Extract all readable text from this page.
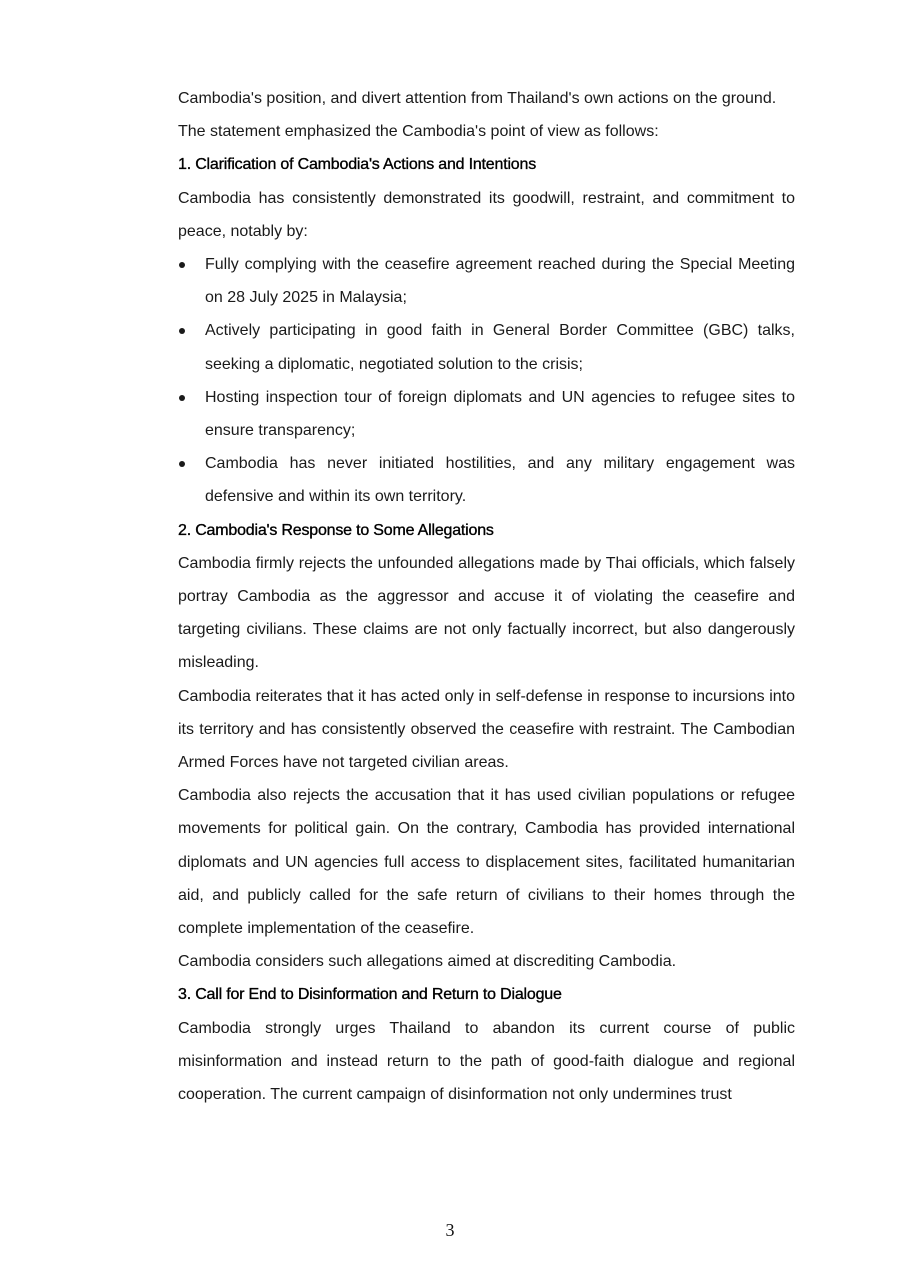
Cambodiaʹs position, and divert attention from Thailandʹs own actions on the ground.

The statement emphasized the Cambodiaʹs point of view as follows:

1. Clarification of Cambodiaʹs Actions and Intentions

Cambodia has consistently demonstrated its goodwill, restraint, and commitment to peace, notably by:

Fully complying with the ceasefire agreement reached during the Special Meeting on 28 July 2025 in Malaysia;
Actively participating in good faith in General Border Committee (GBC) talks, seeking a diplomatic, negotiated solution to the crisis;
Hosting inspection tour of foreign diplomats and UN agencies to refugee sites to ensure transparency;
Cambodia has never initiated hostilities, and any military engagement was defensive and within its own territory.

2. Cambodiaʹs Response to Some Allegations

Cambodia firmly rejects the unfounded allegations made by Thai officials, which falsely portray Cambodia as the aggressor and accuse it of violating the ceasefire and targeting civilians. These claims are not only factually incorrect, but also dangerously misleading.

Cambodia reiterates that it has acted only in self-defense in response to incursions into its territory and has consistently observed the ceasefire with restraint. The Cambodian Armed Forces have not targeted civilian areas.

Cambodia also rejects the accusation that it has used civilian populations or refugee movements for political gain. On the contrary, Cambodia has provided international diplomats and UN agencies full access to displacement sites, facilitated humanitarian aid, and publicly called for the safe return of civilians to their homes through the complete implementation of the ceasefire.

Cambodia considers such allegations aimed at discrediting Cambodia.

3. Call for End to Disinformation and Return to Dialogue

Cambodia strongly urges Thailand to abandon its current course of public misinformation and instead return to the path of good-faith dialogue and regional cooperation. The current campaign of disinformation not only undermines trust

3
